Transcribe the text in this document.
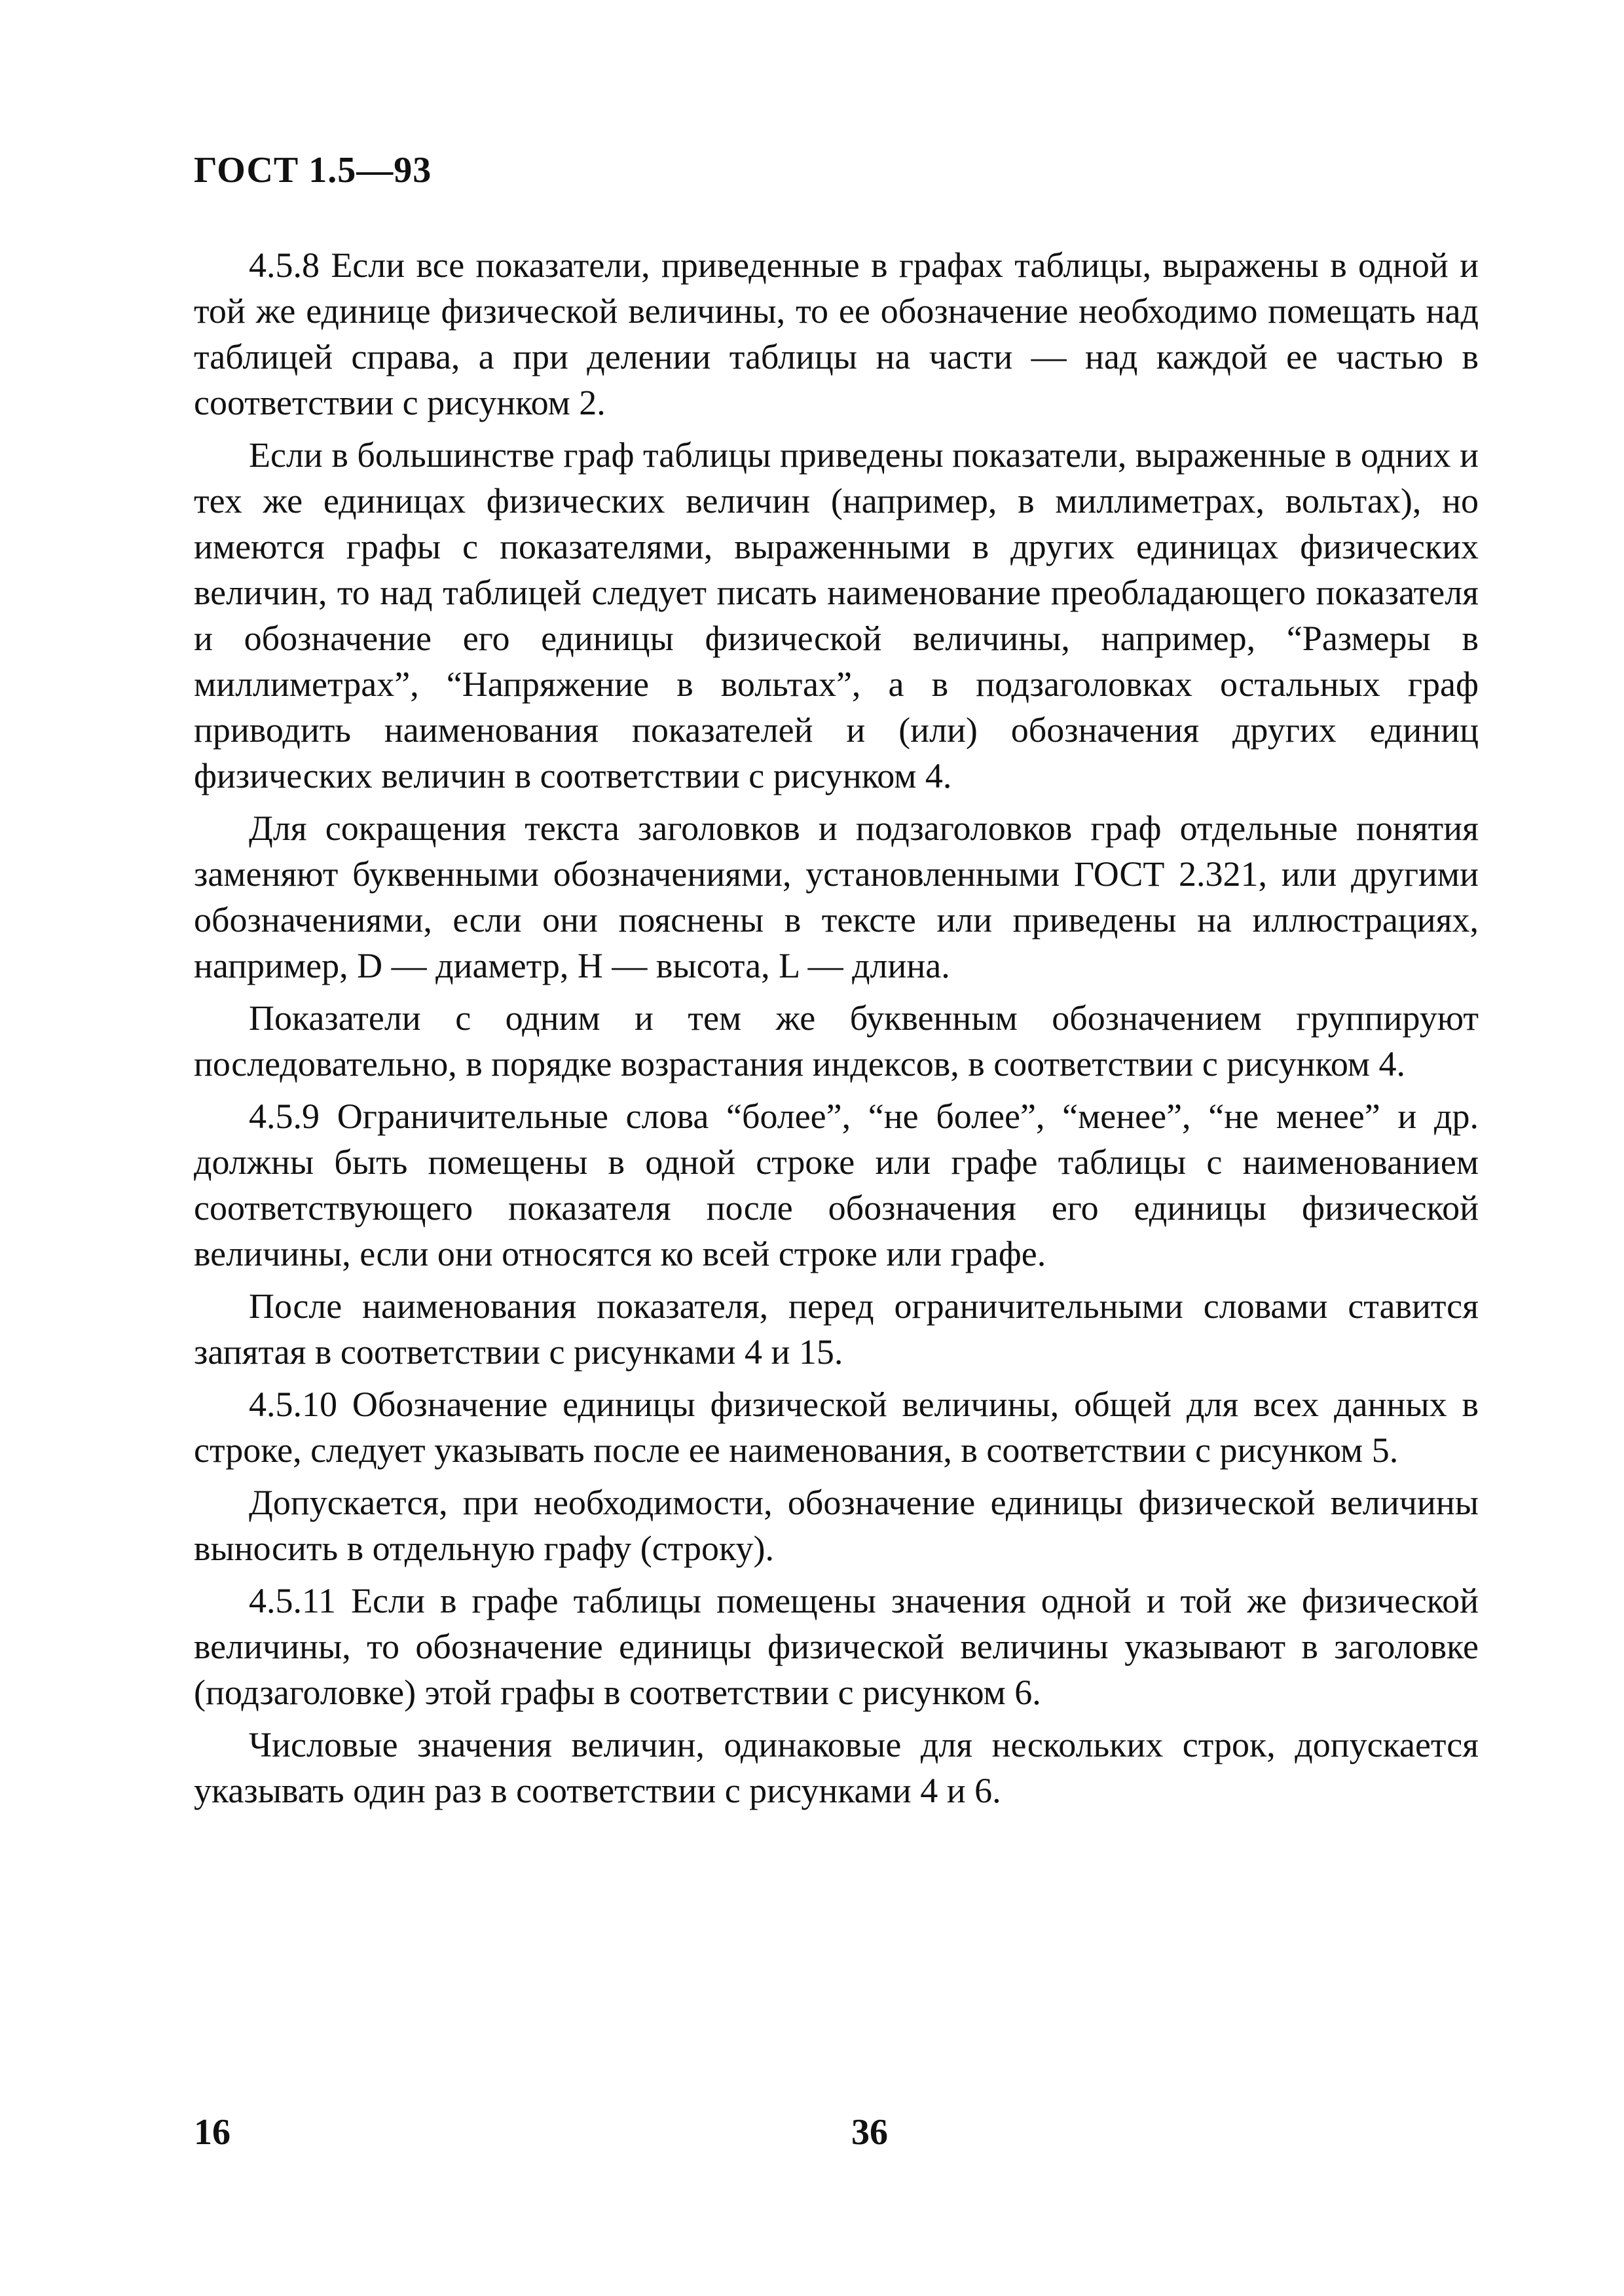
ГОСТ 1.5—93

4.5.8 Если все показатели, приведенные в графах таблицы, выражены в одной и той же единице физической величины, то ее обозначение необходимо помещать над таблицей справа, а при делении таблицы на части — над каждой ее частью в соответствии с рисунком 2.

Если в большинстве граф таблицы приведены показатели, выраженные в одних и тех же единицах физических величин (например, в миллиметрах, вольтах), но имеются графы с показателями, выраженными в других единицах физических величин, то над таблицей следует писать наименование преобладающего показателя и обозначение его единицы физической величины, например, “Размеры в миллиметрах”, “Напряжение в вольтах”, а в подзаголовках остальных граф приводить наименования показателей и (или) обозначения других единиц физических величин в соответствии с рисунком 4.

Для сокращения текста заголовков и подзаголовков граф отдельные понятия заменяют буквенными обозначениями, установленными ГОСТ 2.321, или другими обозначениями, если они пояснены в тексте или приведены на иллюстрациях, например, D — диаметр, H — высота, L — длина.

Показатели с одним и тем же буквенным обозначением группируют последовательно, в порядке возрастания индексов, в соответствии с рисунком 4.

4.5.9 Ограничительные слова “более”, “не более”, “менее”, “не менее” и др. должны быть помещены в одной строке или графе таблицы с наименованием соответствующего показателя после обозначения его единицы физической величины, если они относятся ко всей строке или графе.

После наименования показателя, перед ограничительными словами ставится запятая в соответствии с рисунками 4 и 15.

4.5.10 Обозначение единицы физической величины, общей для всех данных в строке, следует указывать после ее наименования, в соответствии с рисунком 5.

Допускается, при необходимости, обозначение единицы физической величины выносить в отдельную графу (строку).

4.5.11 Если в графе таблицы помещены значения одной и той же физической величины, то обозначение единицы физической величины указывают в заголовке (подзаголовке) этой графы в соответствии с рисунком 6.

Числовые значения величин, одинаковые для нескольких строк, допускается указывать один раз в соответствии с рисунками 4 и 6.

16	36
